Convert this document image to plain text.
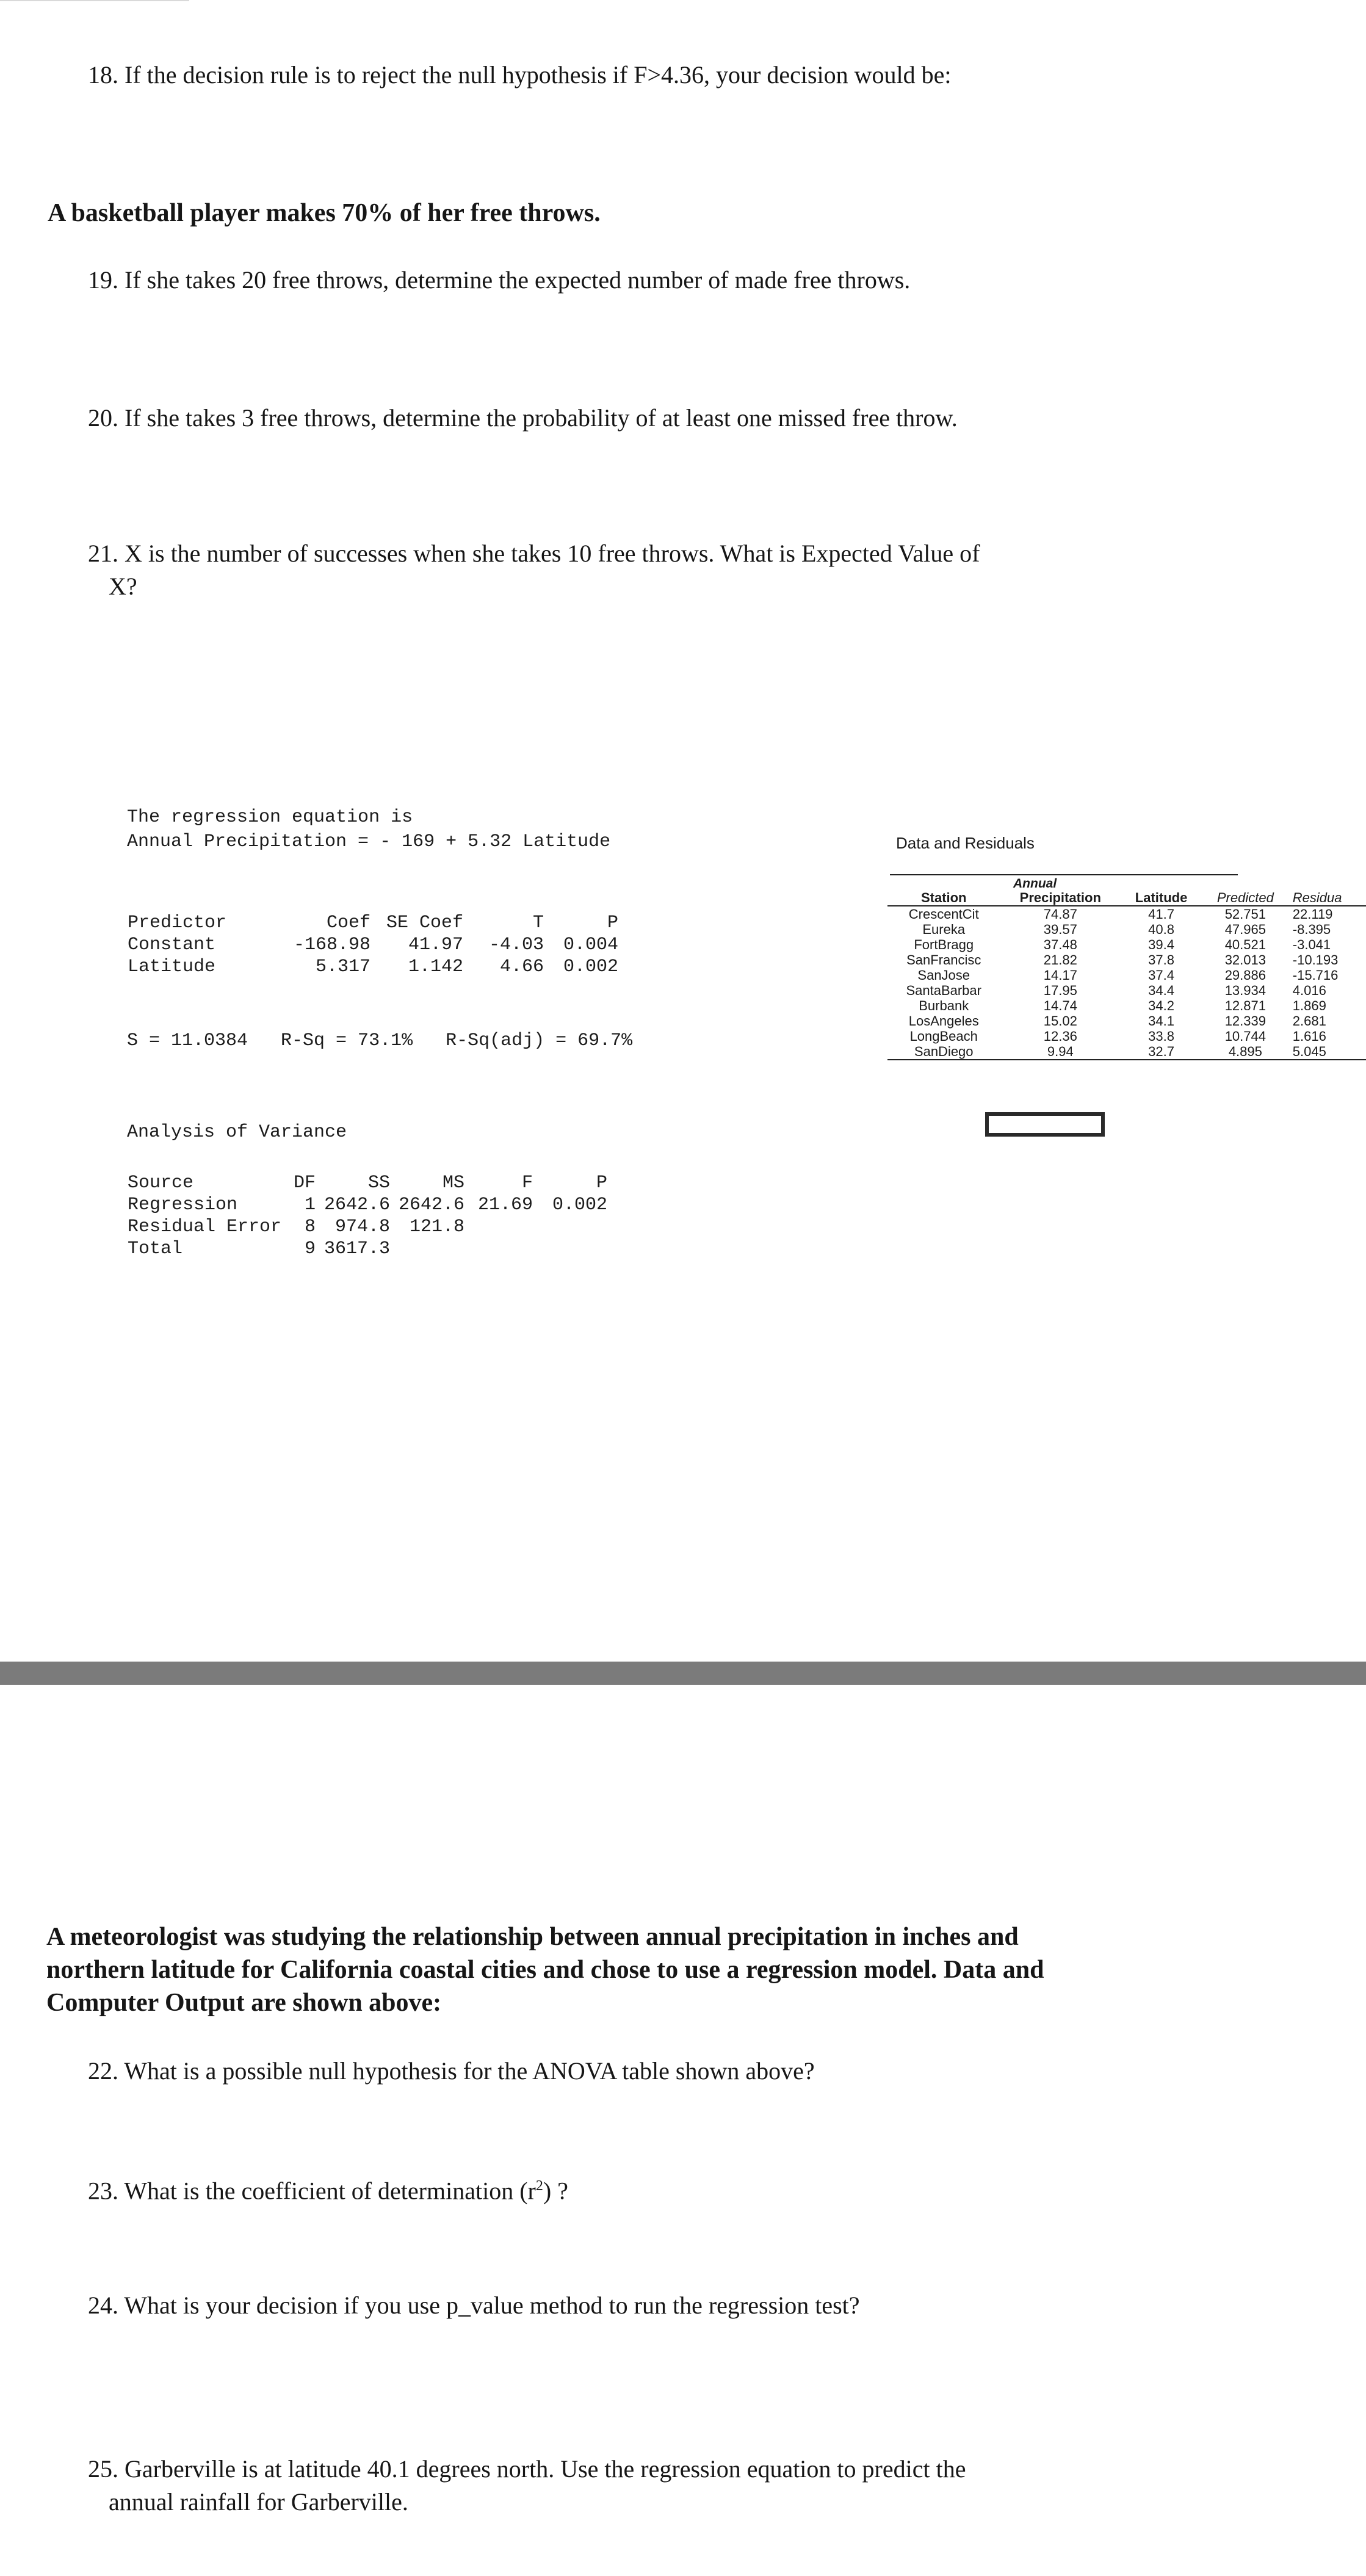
18. If the decision rule is to reject the null hypothesis if F>4.36, your decision would be:
A basketball player makes 70% of her free throws.
19. If she takes 20 free throws, determine the expected number of made free throws.
20. If she takes 3 free throws, determine the probability of at least one missed free throw.
21. X is the number of successes when she takes 10 free throws. What is Expected Value of
X?
The regression equation is
Annual Precipitation = - 169 + 5.32 Latitude
Predictor	Coef	SE Coef	T	P
Constant	-168.98	41.97	-4.03	0.004
Latitude	5.317	1.142	4.66	0.002
S = 11.0384   R-Sq = 73.1%   R-Sq(adj) = 69.7%
Analysis of Variance
Source	DF	SS	MS	F	P
Regression	1	2642.6	2642.6	21.69	0.002
Residual Error	8	974.8	121.8		
Total	9	3617.3			
Data and Residuals
Annual
Station	Precipitation	Latitude	Predicted	Residua
CrescentCit	74.87	41.7	52.751	22.119
Eureka	39.57	40.8	47.965	-8.395
FortBragg	37.48	39.4	40.521	-3.041
SanFrancisc	21.82	37.8	32.013	-10.193
SanJose	14.17	37.4	29.886	-15.716
SantaBarbar	17.95	34.4	13.934	4.016
Burbank	14.74	34.2	12.871	1.869
LosAngeles	15.02	34.1	12.339	2.681
LongBeach	12.36	33.8	10.744	1.616
SanDiego	9.94	32.7	4.895	5.045
A meteorologist was studying the relationship between annual precipitation in inches and
northern latitude for California coastal cities and chose to use a regression model. Data and
Computer Output are shown above:
22. What is a possible null hypothesis for the ANOVA table shown above?
23. What is the coefficient of determination $(r^2)$ ?
24. What is your decision if you use p_value method to run the regression test?
25. Garberville is at latitude 40.1 degrees north. Use the regression equation to predict the
annual rainfall for Garberville.
